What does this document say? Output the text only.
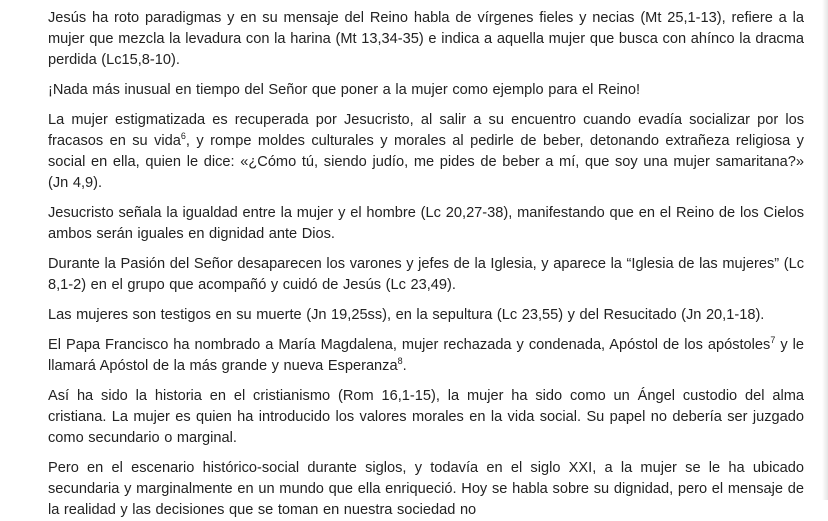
Jesús ha roto paradigmas y en su mensaje del Reino habla de vírgenes fieles y necias (Mt 25,1-13), refiere a la mujer que mezcla la levadura con la harina (Mt 13,34-35) e indica a aquella mujer que busca con ahínco la dracma perdida (Lc15,8-10).

¡Nada más inusual en tiempo del Señor que poner a la mujer como ejemplo para el Reino!

La mujer estigmatizada es recuperada por Jesucristo, al salir a su encuentro cuando evadía socializar por los fracasos en su vida$^6$, y rompe moldes culturales y morales al pedirle de beber, detonando extrañeza religiosa y social en ella, quien le dice: «¿Cómo tú, siendo judío, me pides de beber a mí, que soy una mujer samaritana?» (Jn 4,9).

Jesucristo señala la igualdad entre la mujer y el hombre (Lc 20,27-38), manifestando que en el Reino de los Cielos ambos serán iguales en dignidad ante Dios.

Durante la Pasión del Señor desaparecen los varones y jefes de la Iglesia, y aparece la “Iglesia de las mujeres” (Lc 8,1-2) en el grupo que acompañó y cuidó de Jesús (Lc 23,49).

Las mujeres son testigos en su muerte (Jn 19,25ss), en la sepultura (Lc 23,55) y del Resucitado (Jn 20,1-18).

El Papa Francisco ha nombrado a María Magdalena, mujer rechazada y condenada, Apóstol de los apóstoles$^7$ y le llamará Apóstol de la más grande y nueva Esperanza$^8$.

Así ha sido la historia en el cristianismo (Rom 16,1-15), la mujer ha sido como un Ángel custodio del alma cristiana. La mujer es quien ha introducido los valores morales en la vida social. Su papel no debería ser juzgado como secundario o marginal.

Pero en el escenario histórico-social durante siglos, y todavía en el siglo XXI, a la mujer se le ha ubicado secundaria y marginalmente en un mundo que ella enriqueció. Hoy se habla sobre su dignidad, pero el mensaje de la realidad y las decisiones que se toman en nuestra sociedad no
